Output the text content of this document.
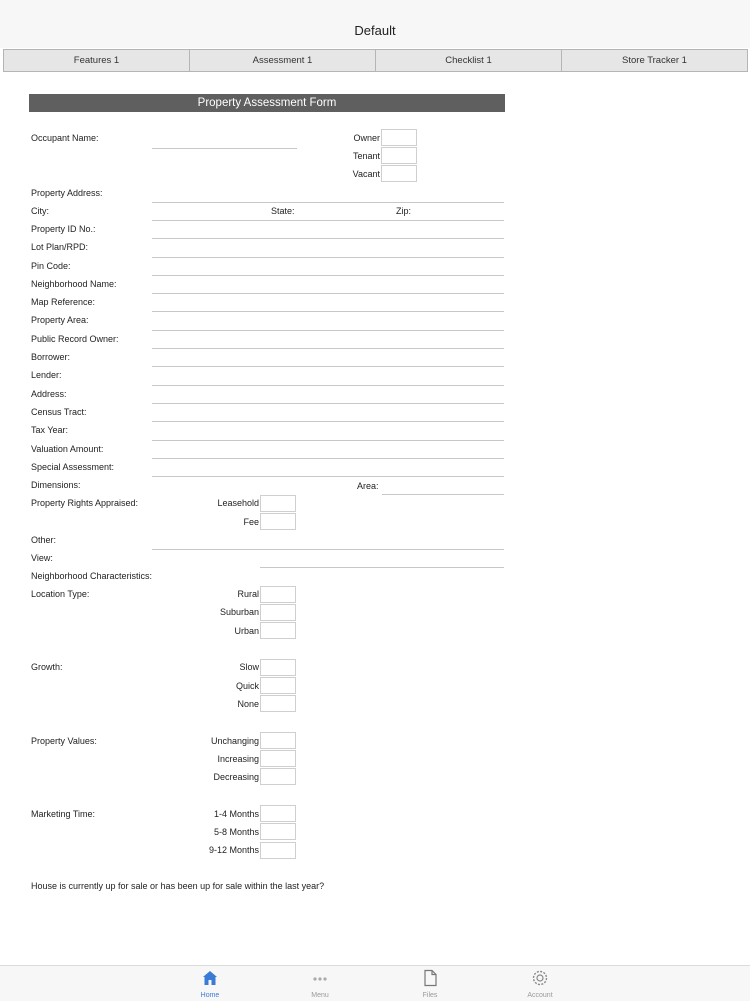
Default
Features 1	Assessment 1	Checklist 1	Store Tracker 1
Property Assessment Form
Occupant Name:	Owner
Tenant
Vacant
Property Address:
City:	State:	Zip:
Property ID No.:
Lot Plan/RPD:
Pin Code:
Neighborhood Name:
Map Reference:
Property Area:
Public Record Owner:
Borrower:
Lender:
Address:
Census Tract:
Tax Year:
Valuation Amount:
Special Assessment:
Dimensions:	Area:
Property Rights Appraised:	Leasehold
Fee
Other:
View:
Neighborhood Characteristics:
Location Type:	Rural
Suburban
Urban
Growth:	Slow
Quick
None
Property Values:	Unchanging
Increasing
Decreasing
Marketing Time:	1-4 Months
5-8 Months
9-12 Months
House is currently up for sale or has been up for sale within the last year?
Home	Menu	Files	Account
